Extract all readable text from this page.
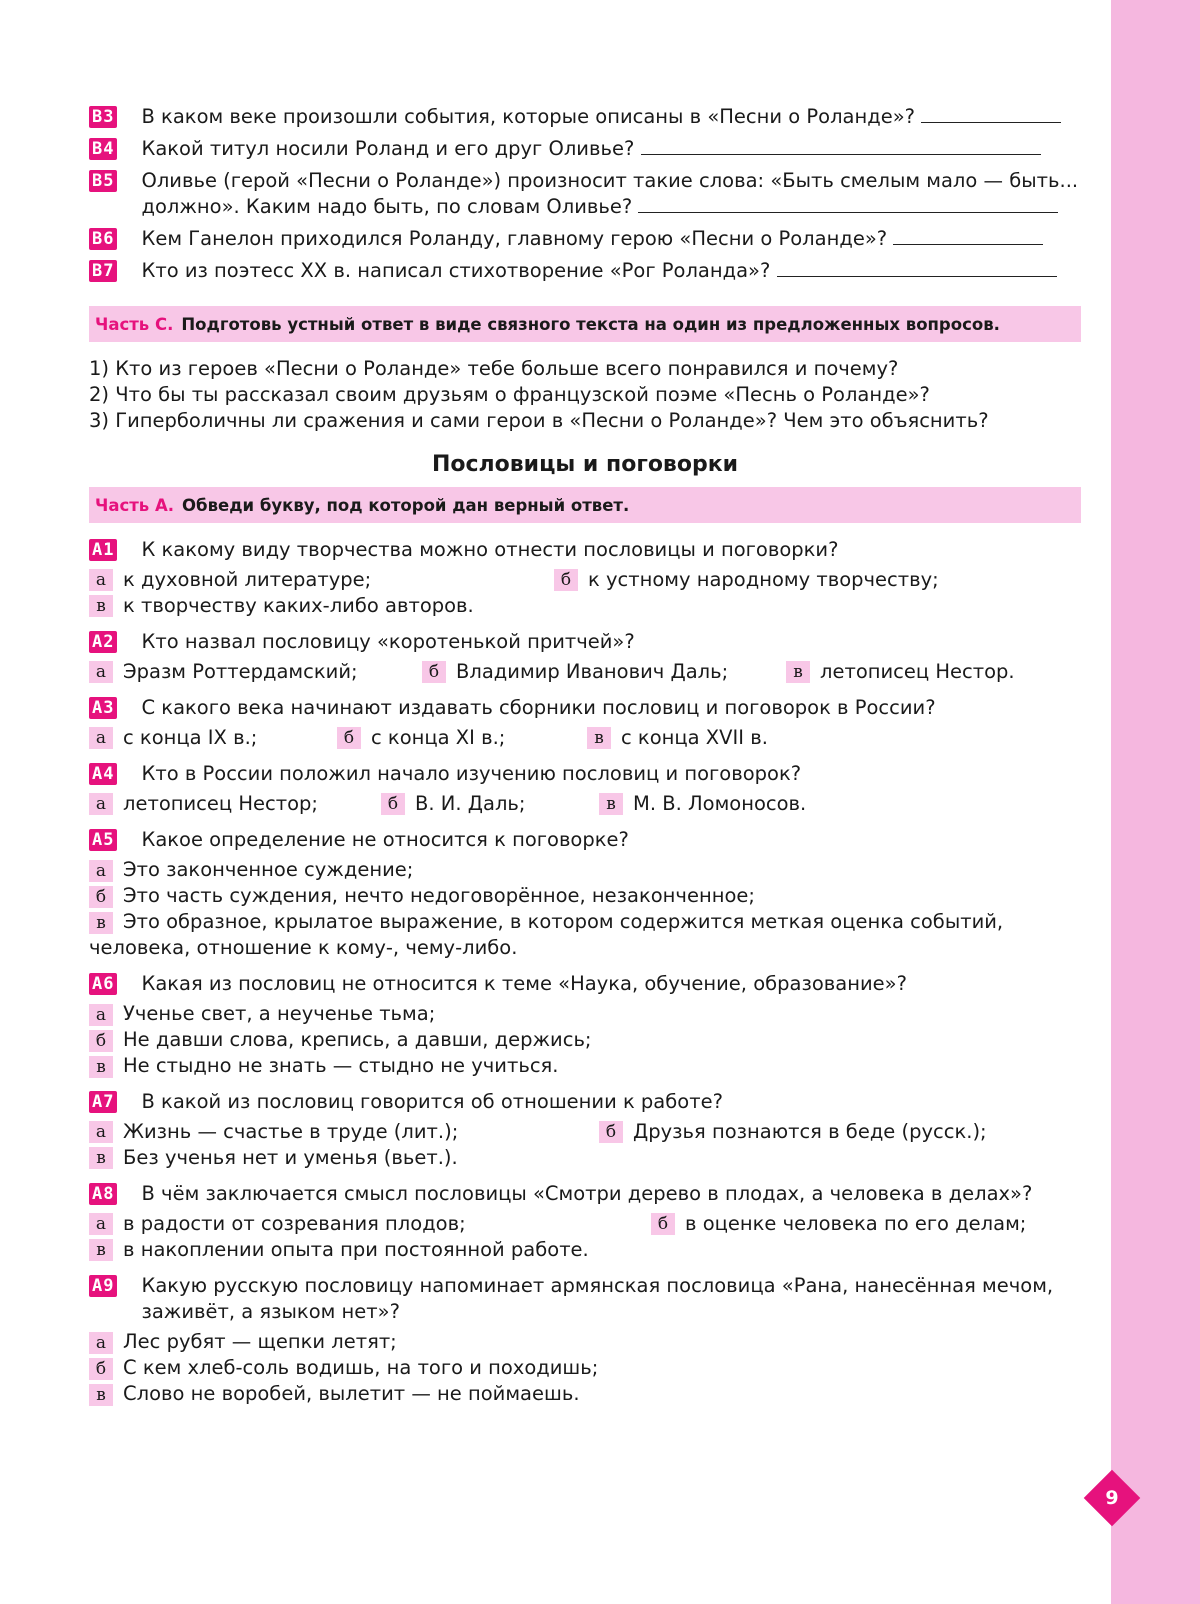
B3 В каком веке произошли события, которые описаны в «Песни о Роланде»?
B4 Какой титул носили Роланд и его друг Оливье?
B5 Оливье (герой «Песни о Роланде») произносит такие слова: «Быть смелым мало — быть... должно». Каким надо быть, по словам Оливье?
B6 Кем Ганелон приходился Роланду, главному герою «Песни о Роланде»?
B7 Кто из поэтесс XX в. написал стихотворение «Рог Роланда»?
Часть С. Подготовь устный ответ в виде связного текста на один из предложенных вопросов.
1) Кто из героев «Песни о Роланде» тебе больше всего понравился и почему?
2) Что бы ты рассказал своим друзьям о французской поэме «Песнь о Роланде»?
3) Гиперболичны ли сражения и сами герои в «Песни о Роланде»? Чем это объяснить?
Пословицы и поговорки
Часть А. Обведи букву, под которой дан верный ответ.
A1 К какому виду творчества можно отнести пословицы и поговорки?
а к духовной литературе;	б к устному народному творчеству;
в к творчеству каких-либо авторов.
A2 Кто назвал пословицу «коротенькой притчей»?
а Эразм Роттердамский;	б Владимир Иванович Даль;	в летописец Нестор.
A3 С какого века начинают издавать сборники пословиц и поговорок в России?
а с конца IX в.;	б с конца XI в.;	в с конца XVII в.
A4 Кто в России положил начало изучению пословиц и поговорок?
а летописец Нестор;	б В. И. Даль;	в М. В. Ломоносов.
A5 Какое определение не относится к поговорке?
а Это законченное суждение;
б Это часть суждения, нечто недоговорённое, незаконченное;
в Это образное, крылатое выражение, в котором содержится меткая оценка событий, человека, отношение к кому-, чему-либо.
A6 Какая из пословиц не относится к теме «Наука, обучение, образование»?
а Ученье свет, а неученье тьма;
б Не давши слова, крепись, а давши, держись;
в Не стыдно не знать — стыдно не учиться.
A7 В какой из пословиц говорится об отношении к работе?
а Жизнь — счастье в труде (лит.);	б Друзья познаются в беде (русск.);
в Без ученья нет и уменья (вьет.).
A8 В чём заключается смысл пословицы «Смотри дерево в плодах, а человека в делах»?
а в радости от созревания плодов;	б в оценке человека по его делам;
в в накоплении опыта при постоянной работе.
A9 Какую русскую пословицу напоминает армянская пословица «Рана, нанесённая мечом, заживёт, а языком нет»?
а Лес рубят — щепки летят;
б С кем хлеб-соль водишь, на того и походишь;
в Слово не воробей, вылетит — не поймаешь.
9
